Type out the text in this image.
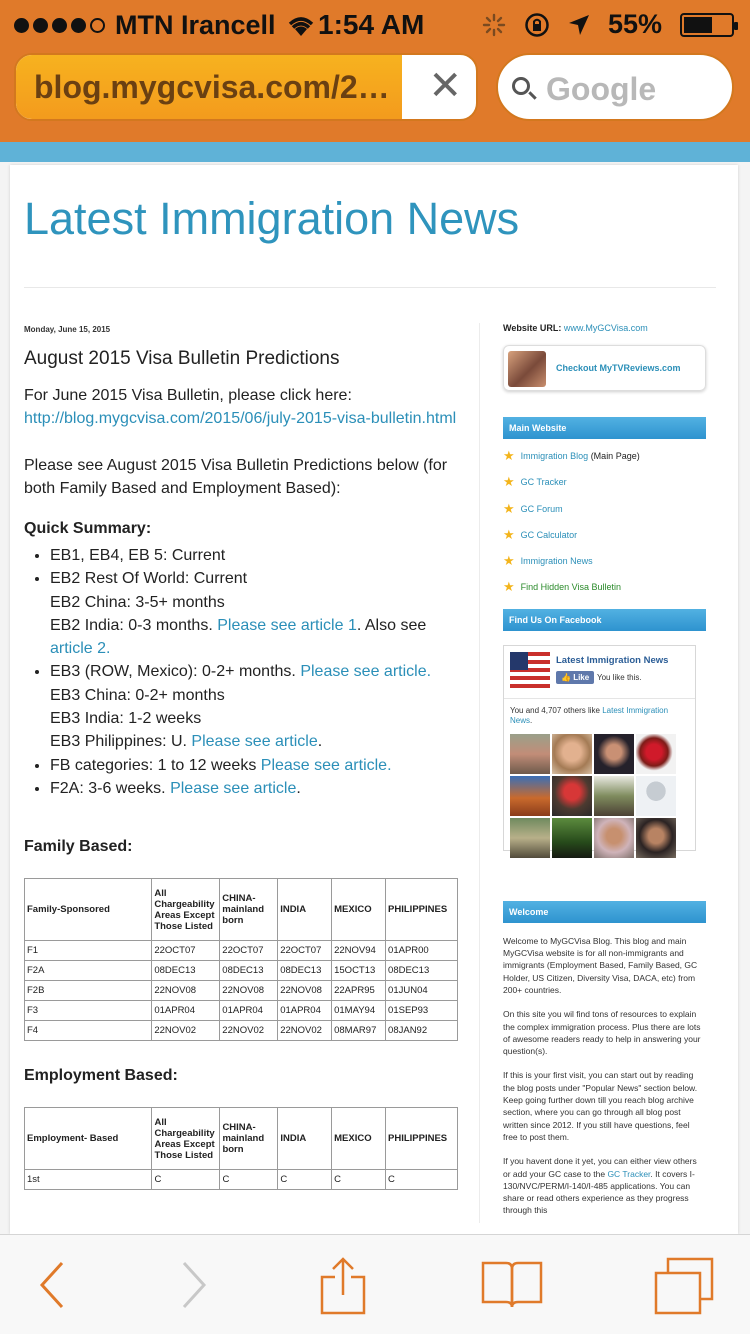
MTN Irancell 1:54 AM	55%
blog.mygcvisa.com/2… ✕	Google
Latest Immigration News
Monday, June 15, 2015
August 2015 Visa Bulletin Predictions
For June 2015 Visa Bulletin, please click here:
http://blog.mygcvisa.com/2015/06/july-2015-visa-bulletin.html
Please see August 2015 Visa Bulletin Predictions below (for both Family Based and Employment Based):
Quick Summary:
• EB1, EB4, EB 5: Current
• EB2 Rest Of World: Current
EB2 China: 3-5+ months
EB2 India: 0-3 months. Please see article 1. Also see article 2.
• EB3 (ROW, Mexico): 0-2+ months. Please see article.
EB3 China: 0-2+ months
EB3 India: 1-2 weeks
EB3 Philippines: U. Please see article.
• FB categories: 1 to 12 weeks Please see article.
• F2A: 3-6 weeks. Please see article.
Family Based:
Family-Sponsored	All Chargeability Areas Except Those Listed	CHINA-mainland born	INDIA	MEXICO	PHILIPPINES
F1	22OCT07	22OCT07	22OCT07	22NOV94	01APR00
F2A	08DEC13	08DEC13	08DEC13	15OCT13	08DEC13
F2B	22NOV08	22NOV08	22NOV08	22APR95	01JUN04
F3	01APR04	01APR04	01APR04	01MAY94	01SEP93
F4	22NOV02	22NOV02	22NOV02	08MAR97	08JAN92
Employment Based:
Employment- Based	All Chargeability Areas Except Those Listed	CHINA-mainland born	INDIA	MEXICO	PHILIPPINES
1st	C	C	C	C	C
Website URL: www.MyGCVisa.com
Checkout MyTVReviews.com
Main Website
★ Immigration Blog (Main Page)
★ GC Tracker
★ GC Forum
★ GC Calculator
★ Immigration News
★ Find Hidden Visa Bulletin
Find Us On Facebook
Latest Immigration News
👍 Like You like this.
You and 4,707 others like Latest Immigration News.
Welcome
Welcome to MyGCVisa Blog. This blog and main MyGCVisa website is for all non-immigrants and immigrants (Employment Based, Family Based, GC Holder, US Citizen, Diversity Visa, DACA, etc) from 200+ countries.
On this site you wil find tons of resources to explain the complex immigration process. Plus there are lots of awesome readers ready to help in answering your question(s).
If this is your first visit, you can start out by reading the blog posts under "Popular News" section below. Keep going further down till you reach blog archive section, where you can go through all blog post written since 2012. If you still have questions, feel free to post them.
If you havent done it yet, you can either view others or add your GC case to the GC Tracker. It covers I-130/NVC/PERM/I-140/I-485 applications. You can share or read others experience as they progress through this
